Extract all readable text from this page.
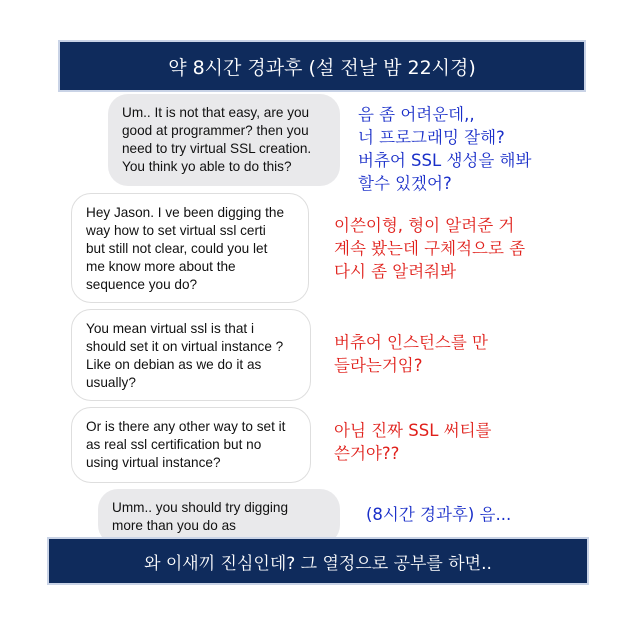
약 8시간 경과후 (설 전날 밤 22시경)
Um.. It is not that easy, are you
good at programmer? then you
need to try virtual SSL creation.
You think yo able to do this?
Hey Jason. I ve been digging the
way how to set virtual ssl certi
but still not clear, could you let
me know more about the
sequence you do?
You mean virtual ssl is that i
should set it on virtual instance ?
Like on debian as we do it as
usually?
Or is there any other way to set it
as real ssl certification but no
using virtual instance?
Umm.. you should try digging
more than you do as
음 좀 어려운데,,
너 프로그래밍 잘해?
버츄어 SSL 생성을 해봐
할수 있겠어?
이쓴이형, 형이 알려준 거
계속 봤는데 구체적으로 좀
다시 좀 알려줘봐
버츄어 인스턴스를 만
들라는거임?
아님 진짜 SSL 써티를
쓴거야??
(8시간 경과후) 음...
와 이새끼 진심인데? 그 열정으로 공부를 하면..
